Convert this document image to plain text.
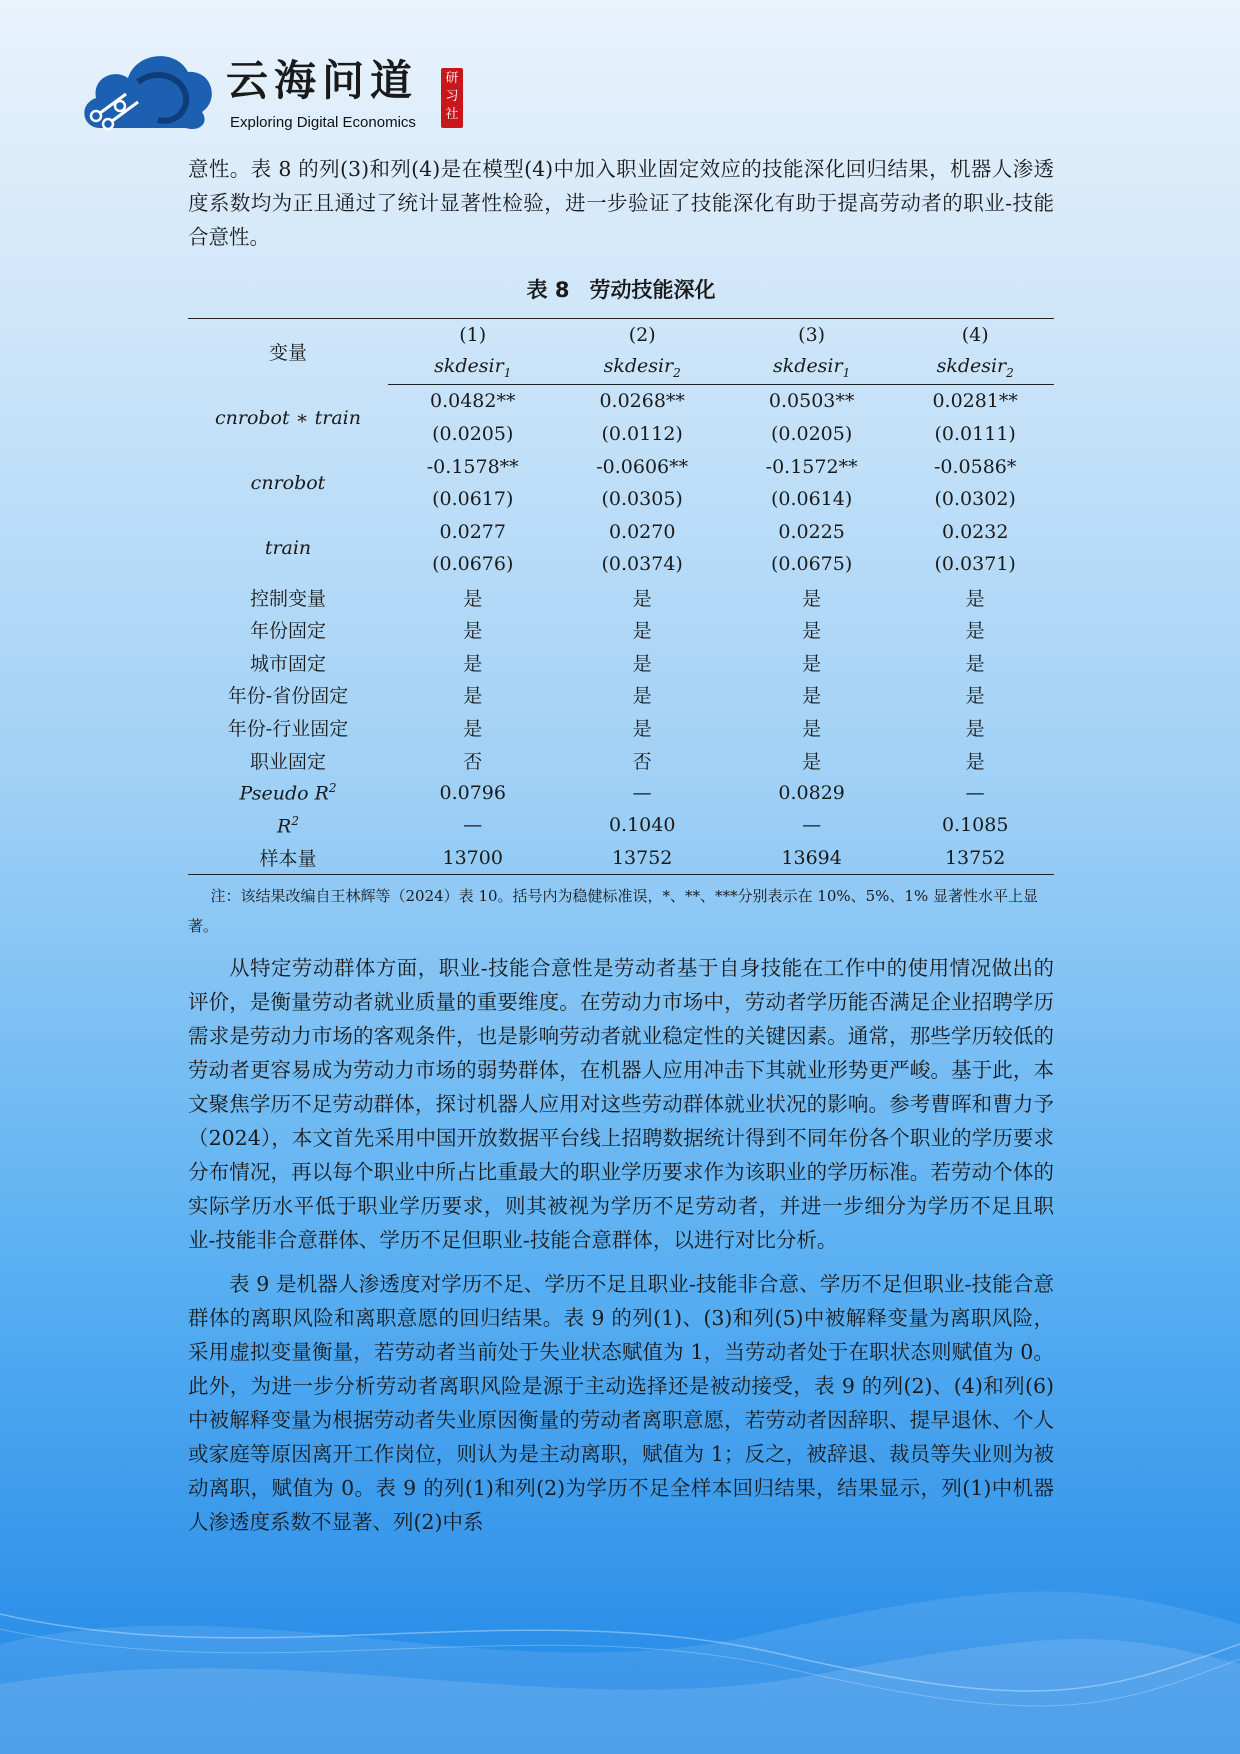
云海问道
Exploring Digital Economics
研
习
社

意性。表 8 的列(3)和列(4)是在模型(4)中加入职业固定效应的技能深化回归结果，机器人渗透度系数均为正且通过了统计显著性检验，进一步验证了技能深化有助于提高劳动者的职业-技能合意性。

表 8 劳动技能深化
变量	(1)	(2)	(3)	(4)
	skdesir$_1$	skdesir$_2$	skdesir$_1$	skdesir$_2$
cnrobot ∗ train	0.0482**	0.0268**	0.0503**	0.0281**
	(0.0205)	(0.0112)	(0.0205)	(0.0111)
cnrobot	-0.1578**	-0.0606**	-0.1572**	-0.0586*
	(0.0617)	(0.0305)	(0.0614)	(0.0302)
train	0.0277	0.0270	0.0225	0.0232
	(0.0676)	(0.0374)	(0.0675)	(0.0371)
控制变量	是	是	是	是
年份固定	是	是	是	是
城市固定	是	是	是	是
年份-省份固定	是	是	是	是
年份-行业固定	是	是	是	是
职业固定	否	否	是	是
Pseudo $R^2$	0.0796	—	0.0829	—
$R^2$	—	0.1040	—	0.1085
样本量	13700	13752	13694	13752

注：该结果改编自王林辉等（2024）表 10。括号内为稳健标准误，*、**、***分别表示在 10%、5%、1% 显著性水平上显著。

从特定劳动群体方面，职业-技能合意性是劳动者基于自身技能在工作中的使用情况做出的评价，是衡量劳动者就业质量的重要维度。在劳动力市场中，劳动者学历能否满足企业招聘学历需求是劳动力市场的客观条件，也是影响劳动者就业稳定性的关键因素。通常，那些学历较低的劳动者更容易成为劳动力市场的弱势群体，在机器人应用冲击下其就业形势更严峻。基于此，本文聚焦学历不足劳动群体，探讨机器人应用对这些劳动群体就业状况的影响。参考曹晖和曹力予（2024），本文首先采用中国开放数据平台线上招聘数据统计得到不同年份各个职业的学历要求分布情况，再以每个职业中所占比重最大的职业学历要求作为该职业的学历标准。若劳动个体的实际学历水平低于职业学历要求，则其被视为学历不足劳动者，并进一步细分为学历不足且职业-技能非合意群体、学历不足但职业-技能合意群体，以进行对比分析。

表 9 是机器人渗透度对学历不足、学历不足且职业-技能非合意、学历不足但职业-技能合意群体的离职风险和离职意愿的回归结果。表 9 的列(1)、(3)和列(5)中被解释变量为离职风险，采用虚拟变量衡量，若劳动者当前处于失业状态赋值为 1，当劳动者处于在职状态则赋值为 0。此外，为进一步分析劳动者离职风险是源于主动选择还是被动接受，表 9 的列(2)、(4)和列(6)中被解释变量为根据劳动者失业原因衡量的劳动者离职意愿，若劳动者因辞职、提早退休、个人或家庭等原因离开工作岗位，则认为是主动离职，赋值为 1；反之，被辞退、裁员等失业则为被动离职，赋值为 0。表 9 的列(1)和列(2)为学历不足全样本回归结果，结果显示，列(1)中机器人渗透度系数不显著、列(2)中系
